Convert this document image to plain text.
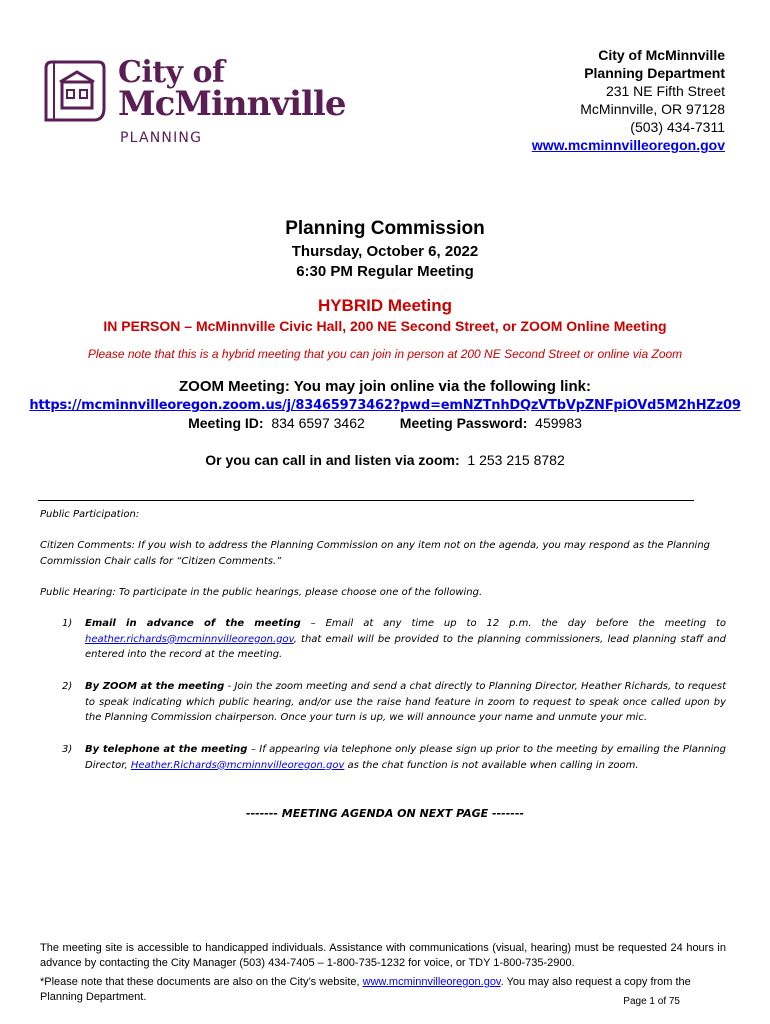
City of
McMinnville
PLANNING
City of McMinnville
Planning Department
231 NE Fifth Street
McMinnville, OR 97128
(503) 434-7311
www.mcminnvilleoregon.gov
Planning Commission
Thursday, October 6, 2022
6:30 PM Regular Meeting
HYBRID Meeting
IN PERSON – McMinnville Civic Hall, 200 NE Second Street, or ZOOM Online Meeting
Please note that this is a hybrid meeting that you can join in person at 200 NE Second Street or online via Zoom
ZOOM Meeting: You may join online via the following link:
https://mcminnvilleoregon.zoom.us/j/83465973462?pwd=emNZTnhDQzVTbVpZNFpiOVd5M2hHZz09
Meeting ID: 834 6597 3462	Meeting Password: 459983
Or you can call in and listen via zoom: 1 253 215 8782
Public Participation:
Citizen Comments: If you wish to address the Planning Commission on any item not on the agenda, you may respond as the Planning Commission Chair calls for “Citizen Comments.”
Public Hearing: To participate in the public hearings, please choose one of the following.
1) Email in advance of the meeting – Email at any time up to 12 p.m. the day before the meeting to heather.richards@mcminnvilleoregon.gov, that email will be provided to the planning commissioners, lead planning staff and entered into the record at the meeting.
2) By ZOOM at the meeting - Join the zoom meeting and send a chat directly to Planning Director, Heather Richards, to request to speak indicating which public hearing, and/or use the raise hand feature in zoom to request to speak once called upon by the Planning Commission chairperson. Once your turn is up, we will announce your name and unmute your mic.
3) By telephone at the meeting – If appearing via telephone only please sign up prior to the meeting by emailing the Planning Director, Heather.Richards@mcminnvilleoregon.gov as the chat function is not available when calling in zoom.
------- MEETING AGENDA ON NEXT PAGE -------
The meeting site is accessible to handicapped individuals. Assistance with communications (visual, hearing) must be requested 24 hours in advance by contacting the City Manager (503) 434-7405 – 1-800-735-1232 for voice, or TDY 1-800-735-2900.
*Please note that these documents are also on the City’s website, www.mcminnvilleoregon.gov. You may also request a copy from the Planning Department.	Page 1 of 75
